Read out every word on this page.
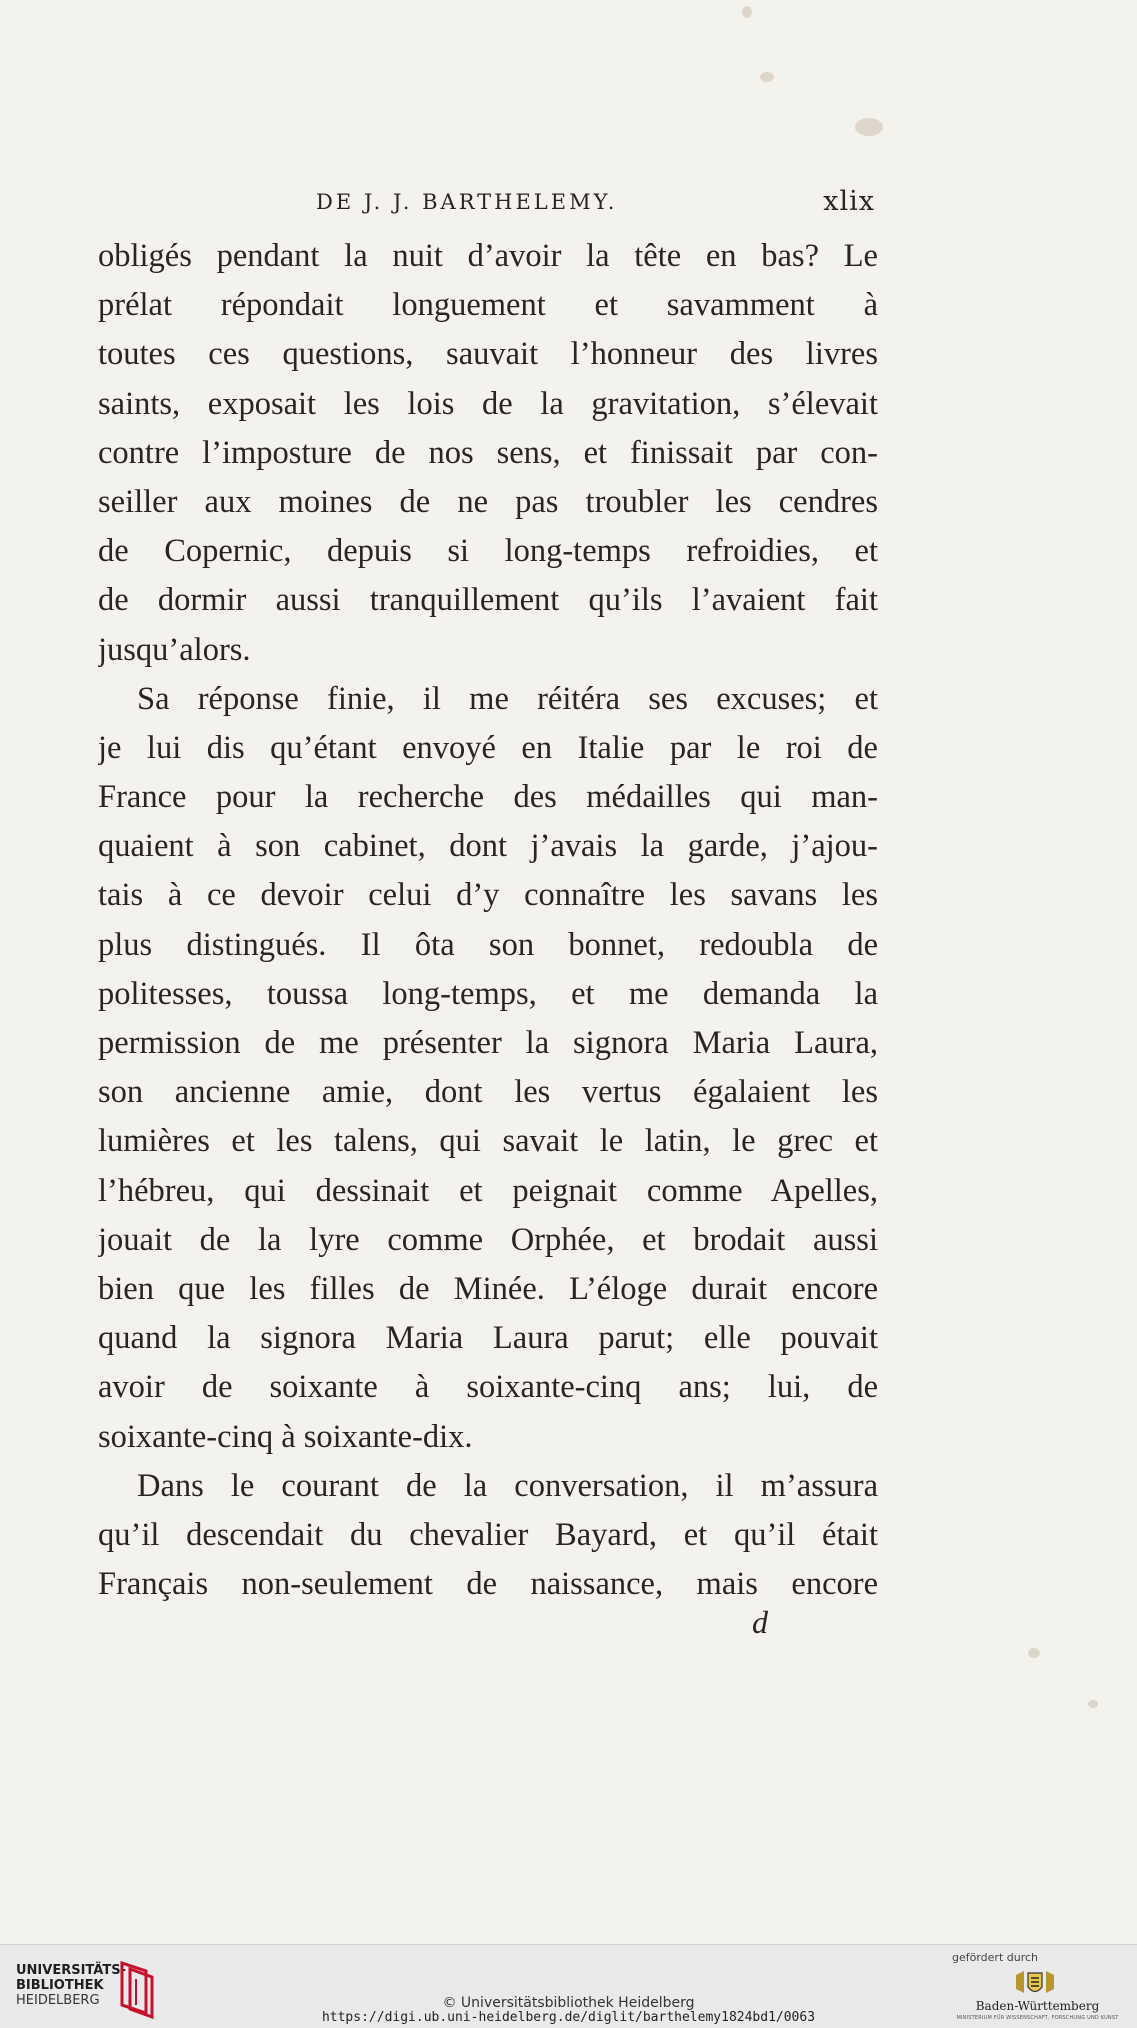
DE J. J. BARTHELEMY.	xlix
obligés pendant la nuit d’avoir la tête en bas? Le
prélat répondait longuement et savamment à
toutes ces questions, sauvait l’honneur des livres
saints, exposait les lois de la gravitation, s’élevait
contre l’imposture de nos sens, et finissait par con-
seiller aux moines de ne pas troubler les cendres
de Copernic, depuis si long-temps refroidies, et
de dormir aussi tranquillement qu’ils l’avaient fait
jusqu’alors.
Sa réponse finie, il me réitéra ses excuses; et
je lui dis qu’étant envoyé en Italie par le roi de
France pour la recherche des médailles qui man-
quaient à son cabinet, dont j’avais la garde, j’ajou-
tais à ce devoir celui d’y connaître les savans les
plus distingués. Il ôta son bonnet, redoubla de
politesses, toussa long-temps, et me demanda la
permission de me présenter la signora Maria Laura,
son ancienne amie, dont les vertus égalaient les
lumières et les talens, qui savait le latin, le grec et
l’hébreu, qui dessinait et peignait comme Apelles,
jouait de la lyre comme Orphée, et brodait aussi
bien que les filles de Minée. L’éloge durait encore
quand la signora Maria Laura parut; elle pouvait
avoir de soixante à soixante-cinq ans; lui, de
soixante-cinq à soixante-dix.
Dans le courant de la conversation, il m’assura
qu’il descendait du chevalier Bayard, et qu’il était
Français non-seulement de naissance, mais encore
d
UNIVERSITÄTS-
BIBLIOTHEK
HEIDELBERG	© Universitätsbibliothek Heidelberg
https://digi.ub.uni-heidelberg.de/diglit/barthelemy1824bd1/0063
gefördert durch
Baden-Württemberg
MINISTERIUM FÜR WISSENSCHAFT, FORSCHUNG UND KUNST
